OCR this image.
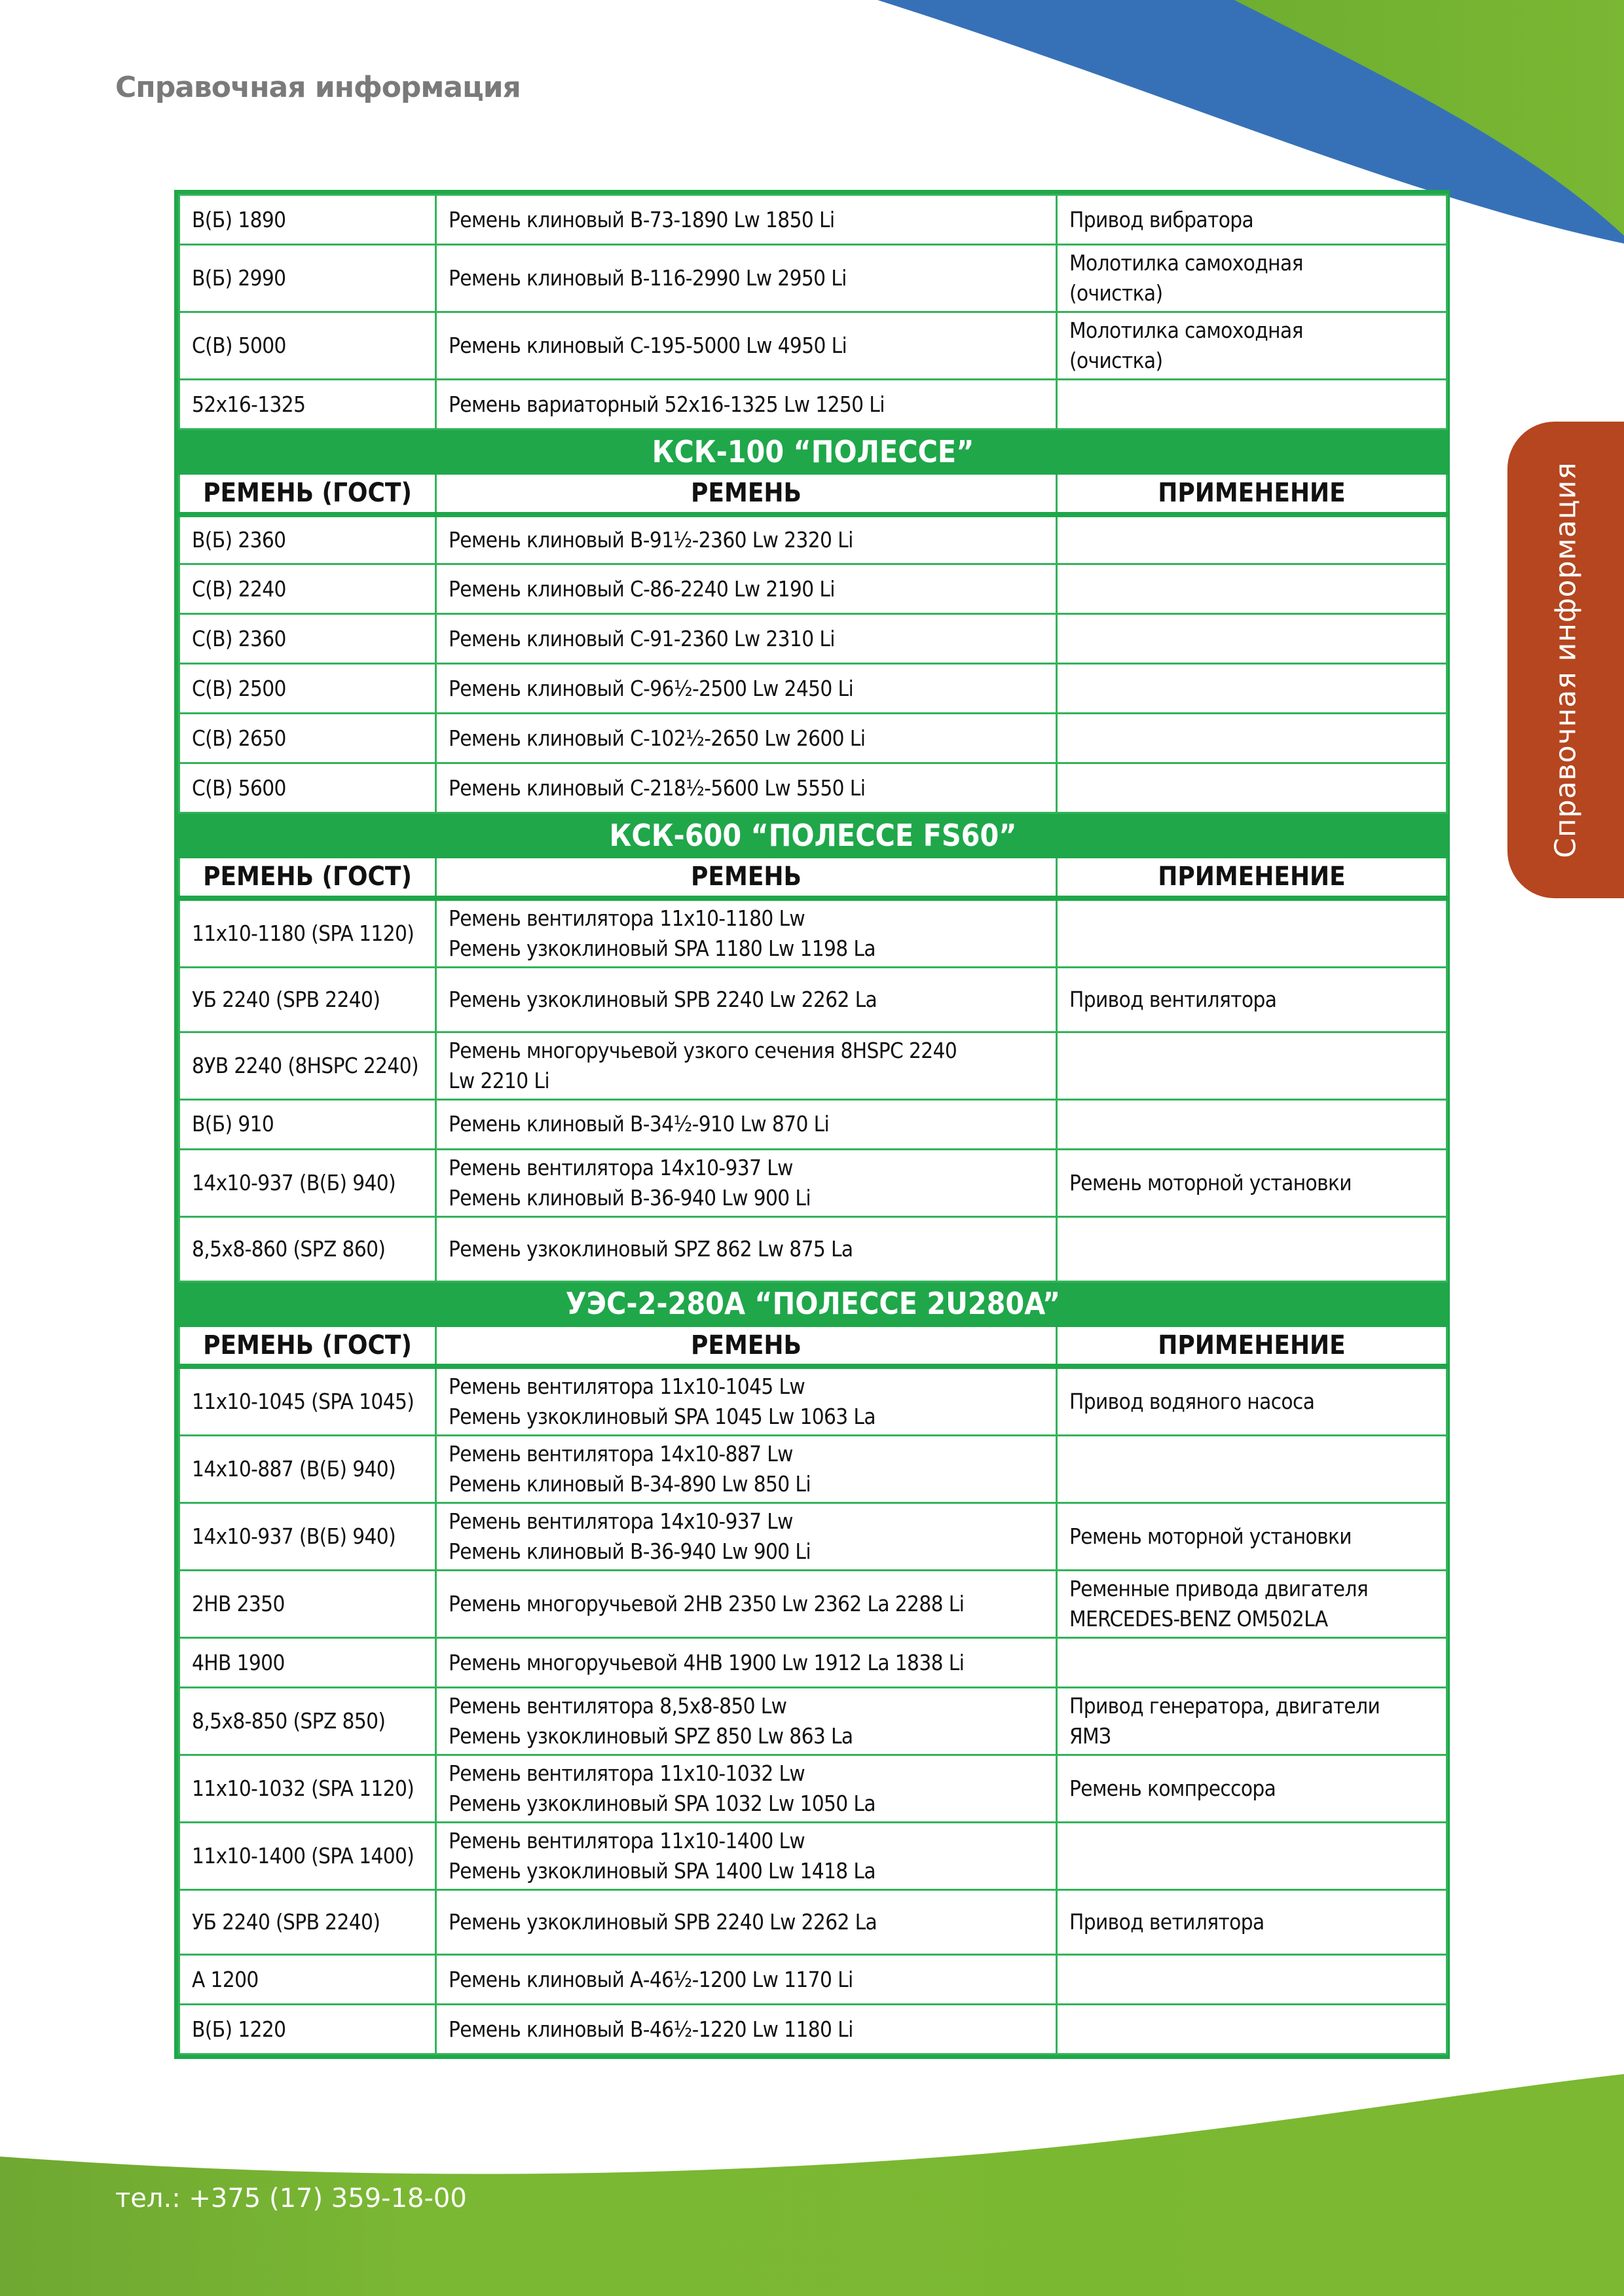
Справочная информация
Справочная информация
В(Б) 1890	Ремень клиновый В-73-1890 Lw 1850 Li	Привод вибратора

В(Б) 2990	Ремень клиновый В-116-2990 Lw 2950 Li	Молотилка самоходная
(очистка)

С(В) 5000	Ремень клиновый С-195-5000 Lw 4950 Li	Молотилка самоходная
(очистка)

52x16-1325	Ремень вариаторный 52x16-1325 Lw 1250 Li	

КСК-100 “ПОЛЕССЕ”		
РЕМЕНЬ (ГОСТ)	РЕМЕНЬ	ПРИМЕНЕНИЕ
В(Б) 2360	Ремень клиновый В-91½-2360 Lw 2320 Li	

С(В) 2240	Ремень клиновый С-86-2240 Lw 2190 Li	

С(В) 2360	Ремень клиновый С-91-2360 Lw 2310 Li	

С(В) 2500	Ремень клиновый С-96½-2500 Lw 2450 Li	

С(В) 2650	Ремень клиновый С-102½-2650 Lw 2600 Li	

С(В) 5600	Ремень клиновый С-218½-5600 Lw 5550 Li	

КСК-600 “ПОЛЕССЕ FS60”		
РЕМЕНЬ (ГОСТ)	РЕМЕНЬ	ПРИМЕНЕНИЕ
11x10-1180 (SPA 1120)	Ремень вентилятора 11x10-1180 Lw
Ремень узкоклиновый SPA 1180 Lw 1198 La	

УБ 2240 (SPB 2240)	Ремень узкоклиновый SPB 2240 Lw 2262 La	Привод вентилятора

8УВ 2240 (8HSPC 2240)	Ремень многоручьевой узкого сечения 8HSPC 2240
Lw 2210 Li	

В(Б) 910	Ремень клиновый В-34½-910 Lw 870 Li	

14x10-937 (В(Б) 940)	Ремень вентилятора 14x10-937 Lw
Ремень клиновый В-36-940 Lw 900 Li	Ремень моторной установки

8,5x8-860 (SPZ 860)	Ремень узкоклиновый SPZ 862 Lw 875 La	

УЭС-2-280А “ПОЛЕССЕ 2U280A”		
РЕМЕНЬ (ГОСТ)	РЕМЕНЬ	ПРИМЕНЕНИЕ
11x10-1045 (SPA 1045)	Ремень вентилятора 11x10-1045 Lw
Ремень узкоклиновый SPA 1045 Lw 1063 La	Привод водяного насоса

14x10-887 (В(Б) 940)	Ремень вентилятора 14x10-887 Lw
Ремень клиновый В-34-890 Lw 850 Li	

14x10-937 (В(Б) 940)	Ремень вентилятора 14x10-937 Lw
Ремень клиновый В-36-940 Lw 900 Li	Ремень моторной установки

2HB 2350	Ремень многоручьевой 2HB 2350 Lw 2362 La 2288 Li	Ременные привода двигателя
MERCEDES-BENZ OM502LA

4HB 1900	Ремень многоручьевой 4HB 1900 Lw 1912 La 1838 Li	

8,5x8-850 (SPZ 850)	Ремень вентилятора 8,5x8-850 Lw
Ремень узкоклиновый SPZ 850 Lw 863 La	Привод генератора, двигатели
ЯМЗ

11x10-1032 (SPA 1120)	Ремень вентилятора 11x10-1032 Lw
Ремень узкоклиновый SPA 1032 Lw 1050 La	Ремень компрессора

11x10-1400 (SPA 1400)	Ремень вентилятора 11x10-1400 Lw
Ремень узкоклиновый SPA 1400 Lw 1418 La	

УБ 2240 (SPB 2240)	Ремень узкоклиновый SPB 2240 Lw 2262 La	Привод ветилятора

А 1200	Ремень клиновый А-46½-1200 Lw 1170 Li	

В(Б) 1220	Ремень клиновый В-46½-1220 Lw 1180 Li	

тел.: +375 (17) 359-18-00
